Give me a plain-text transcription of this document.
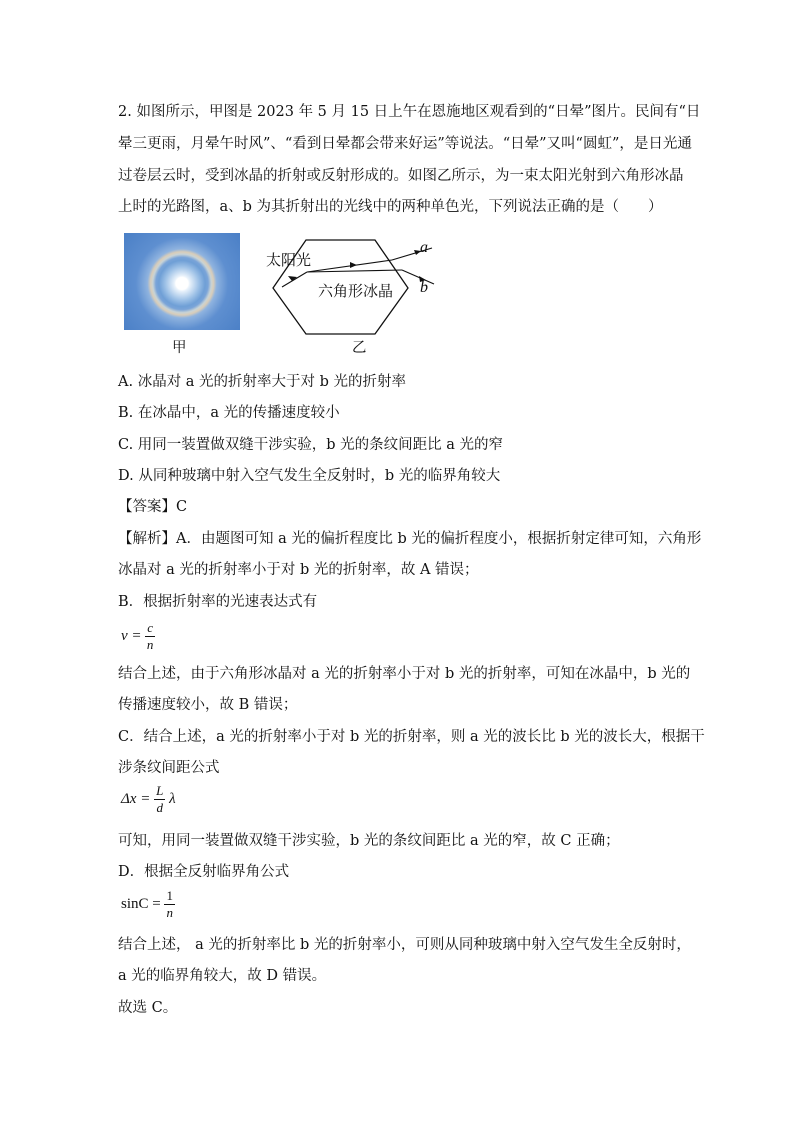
2. 如图所示，甲图是 2023 年 5 月 15 日上午在恩施地区观看到的“日晕”图片。民间有“日
晕三更雨，月晕午时风”、“看到日晕都会带来好运”等说法。“日晕”又叫“圆虹”，是日光通
过卷层云时，受到冰晶的折射或反射形成的。如图乙所示，为一束太阳光射到六角形冰晶
上时的光路图，a、b 为其折射出的光线中的两种单色光，下列说法正确的是（　　）
甲
太阳光
六角形冰晶
a
b
乙
A. 冰晶对 a 光的折射率大于对 b 光的折射率
B. 在冰晶中，a 光的传播速度较小
C. 用同一装置做双缝干涉实验，b 光的条纹间距比 a 光的窄
D. 从同种玻璃中射入空气发生全反射时，b 光的临界角较大
【答案】C
【解析】A．由题图可知 a 光的偏折程度比 b 光的偏折程度小，根据折射定律可知，六角形
冰晶对 a 光的折射率小于对 b 光的折射率，故 A 错误；
B．根据折射率的光速表达式有
$v = \frac{c}{n}$
结合上述，由于六角形冰晶对 a 光的折射率小于对 b 光的折射率，可知在冰晶中，b 光的
传播速度较小，故 B 错误；
C．结合上述，a 光的折射率小于对 b 光的折射率，则 a 光的波长比 b 光的波长大，根据干
涉条纹间距公式
$\Delta x = \frac{L}{d}$ λ
可知，用同一装置做双缝干涉实验，b 光的条纹间距比 a 光的窄，故 C 正确；
D．根据全反射临界角公式
$\sin C = \frac{1}{n}$
结合上述， a 光的折射率比 b 光的折射率小，可则从同种玻璃中射入空气发生全反射时，
a 光的临界角较大，故 D 错误。
故选 C。
